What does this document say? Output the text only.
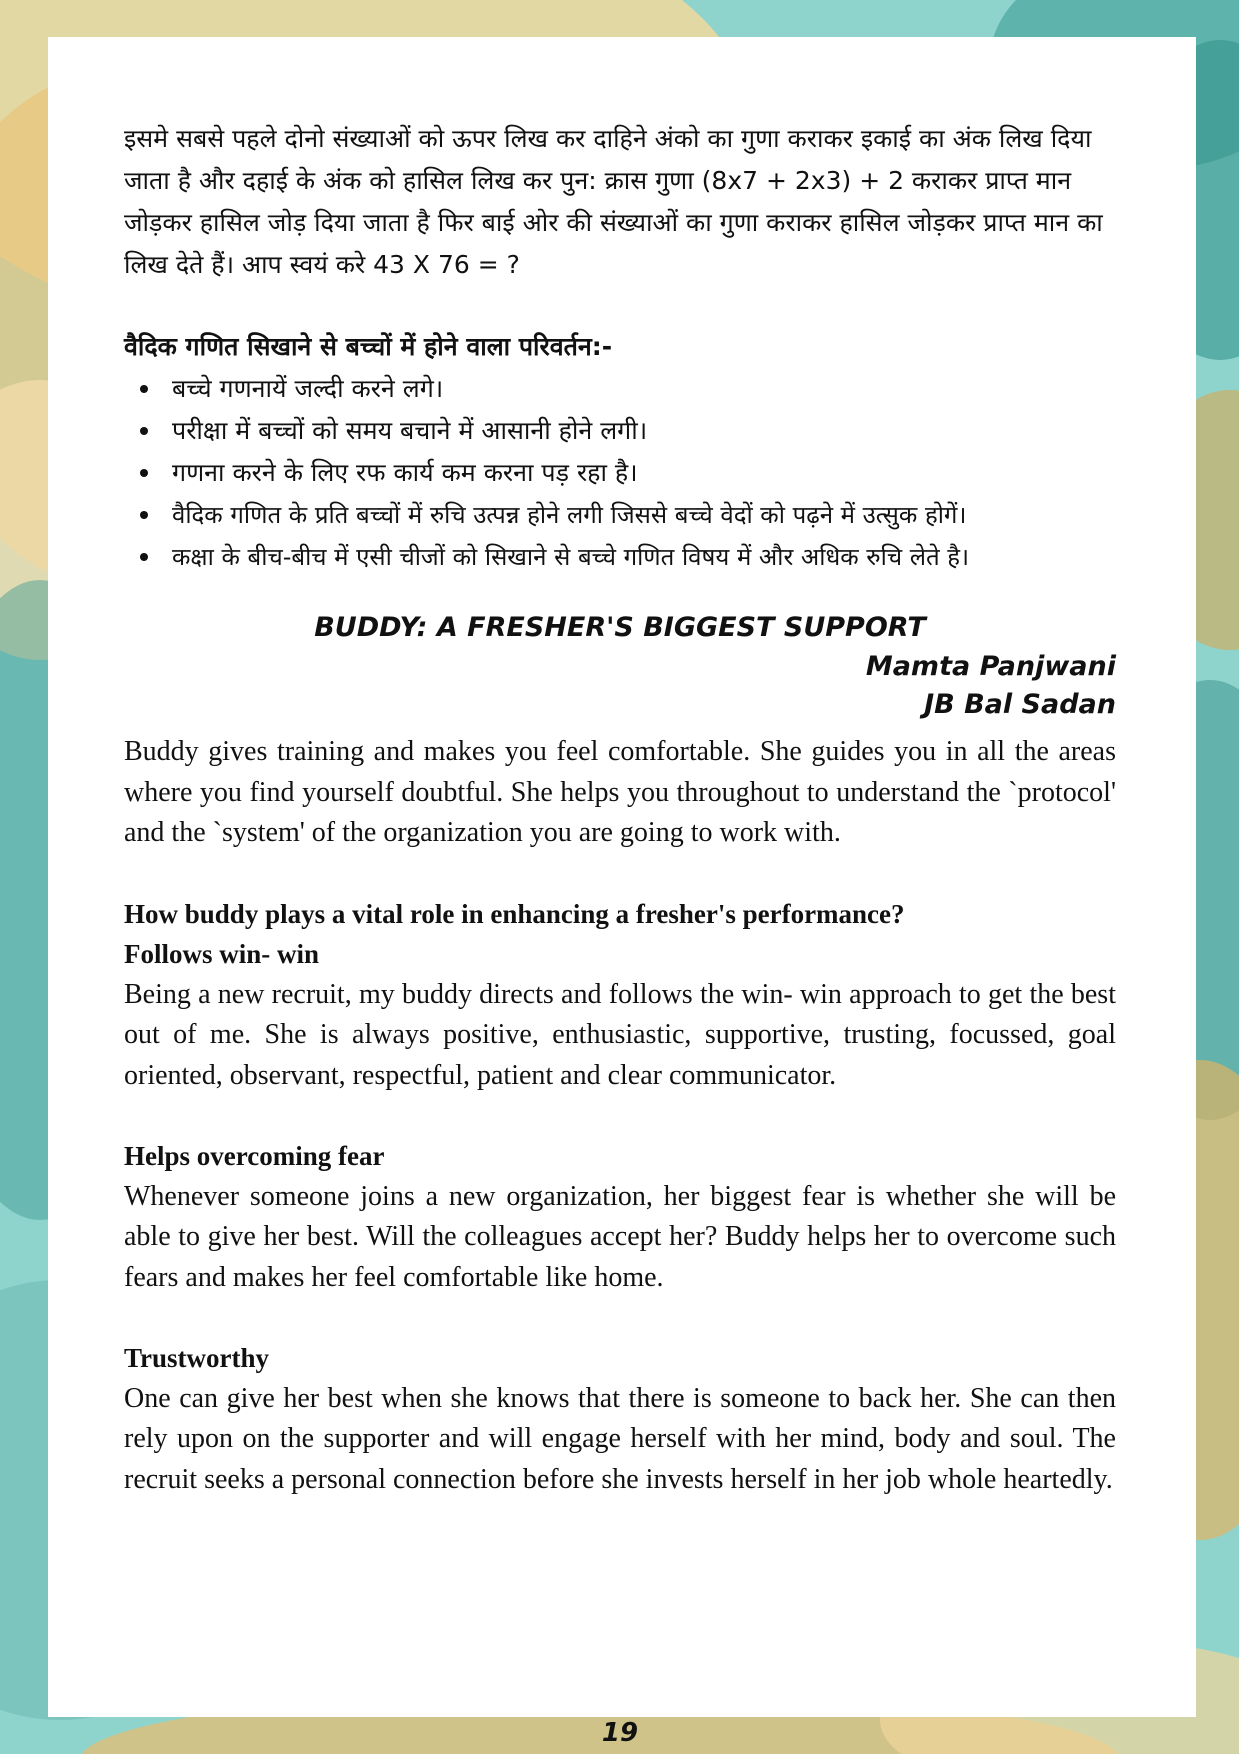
इसमे सबसे पहले दोनो संख्याओं को ऊपर लिख कर दाहिने अंको का गुणा कराकर इकाई का अंक लिख दिया जाता है और दहाई के अंक को हासिल लिख कर पुन: क्रास गुणा (8x7 + 2x3) + 2 कराकर प्राप्त मान जोड़कर हासिल जोड़ दिया जाता है फिर बाई ओर की संख्याओं का गुणा कराकर हासिल जोड़कर प्राप्त मान का लिख देते हैं। आप स्वयं करे 43 X 76 = ?

वैदिक गणित सिखाने से बच्चों में होने वाला परिवर्तन:-

बच्चे गणनायें जल्दी करने लगे।
परीक्षा में बच्चों को समय बचाने में आसानी होने लगी।
गणना करने के लिए रफ कार्य कम करना पड़ रहा है।
वैदिक गणित के प्रति बच्चों में रुचि उत्पन्न होने लगी जिससे बच्चे वेदों को पढ़ने में उत्सुक होगें।
कक्षा के बीच-बीच में एसी चीजों को सिखाने से बच्चे गणित विषय में और अधिक रुचि लेते है।

BUDDY: A FRESHER'S BIGGEST SUPPORT

Mamta Panjwani

JB Bal Sadan

Buddy gives training and makes you feel comfortable. She guides you in all the areas where you find yourself doubtful. She helps you throughout to understand the `protocol' and the `system' of the organization you are going to work with.

How buddy plays a vital role in enhancing a fresher's performance?

Follows win- win

Being a new recruit, my buddy directs and follows the win- win approach to get the best out of me. She is always positive, enthusiastic, supportive, trusting, focussed, goal oriented, observant, respectful, patient and clear communicator.

Helps overcoming fear

Whenever someone joins a new organization, her biggest fear is whether she will be able to give her best. Will the colleagues accept her? Buddy helps her to overcome such fears and makes her feel comfortable like home.

Trustworthy

One can give her best when she knows that there is someone to back her. She can then rely upon on the supporter and will engage herself with her mind, body and soul. The recruit seeks a personal connection before she invests herself in her job whole heartedly.

19
